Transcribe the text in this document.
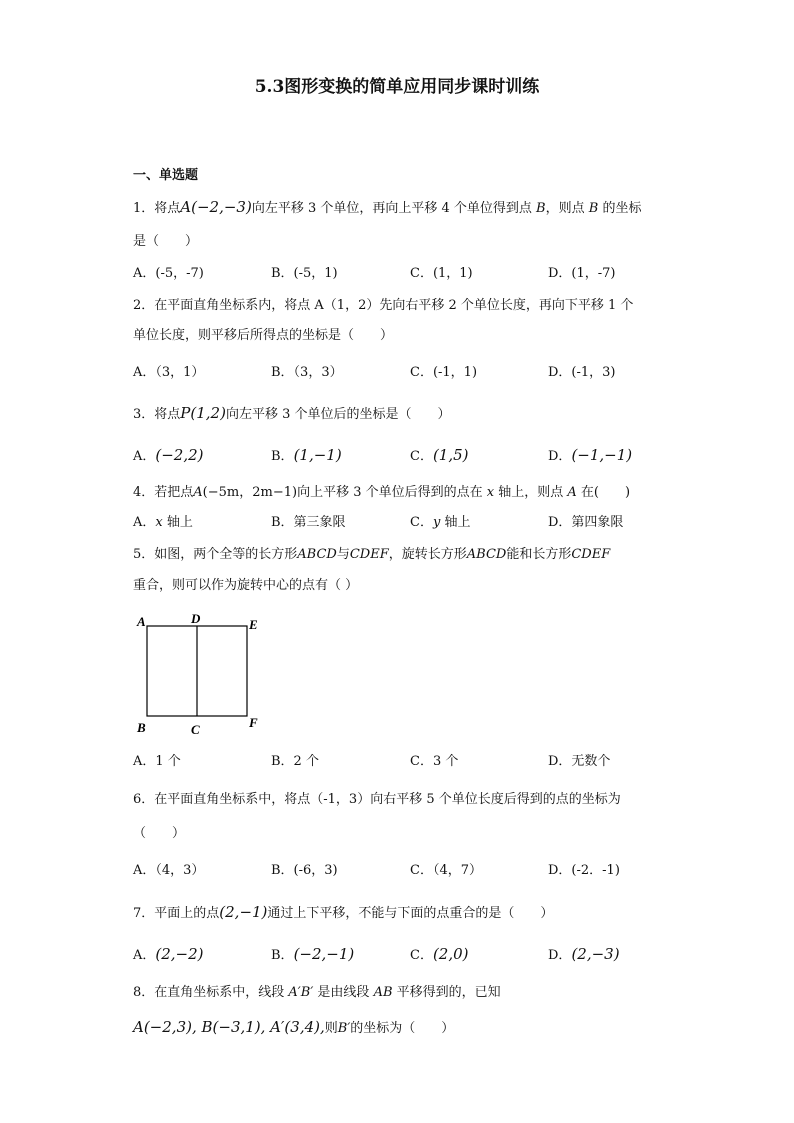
5.3图形变换的简单应用同步课时训练
一、单选题
1．将点A(−2,−3)向左平移 3 个单位，再向上平移 4 个单位得到点 B，则点 B 的坐标
是（　　）
A．(-5，-7)	B．(-5，1)	C．(1，1)	D．(1，-7)
2．在平面直角坐标系内，将点 A（1，2）先向右平移 2 个单位长度，再向下平移 1 个
单位长度，则平移后所得点的坐标是（　　）
A．（3，1）	B．（3，3）	C．(-1，1)	D．(-1，3)
3．将点P(1,2)向左平移 3 个单位后的坐标是（　　）
A．(−2,2)	B．(1,−1)	C．(1,5)	D．(−1,−1)
4．若把点A(−5m，2m−1)向上平移 3 个单位后得到的点在 x 轴上，则点 A 在(　　)
A．x 轴上	B．第三象限	C．y 轴上	D．第四象限
5．如图，两个全等的长方形ABCD与CDEF，旋转长方形ABCD能和长方形CDEF
重合，则可以作为旋转中心的点有（ ）
A	D	E
B	C	F
A．1 个	B．2 个	C．3 个	D．无数个
6．在平面直角坐标系中，将点（-1，3）向右平移 5 个单位长度后得到的点的坐标为
（　　）
A．（4，3）	B．(-6，3)	C．（4，7）	D．(-2．-1)
7．平面上的点(2,−1)通过上下平移，不能与下面的点重合的是（　　）
A．(2,−2)	B．(−2,−1)	C．(2,0)	D．(2,−3)
8．在直角坐标系中，线段 A′B′ 是由线段 AB 平移得到的，已知
A(−2,3), B(−3,1), A′(3,4),则B′的坐标为（　　）
